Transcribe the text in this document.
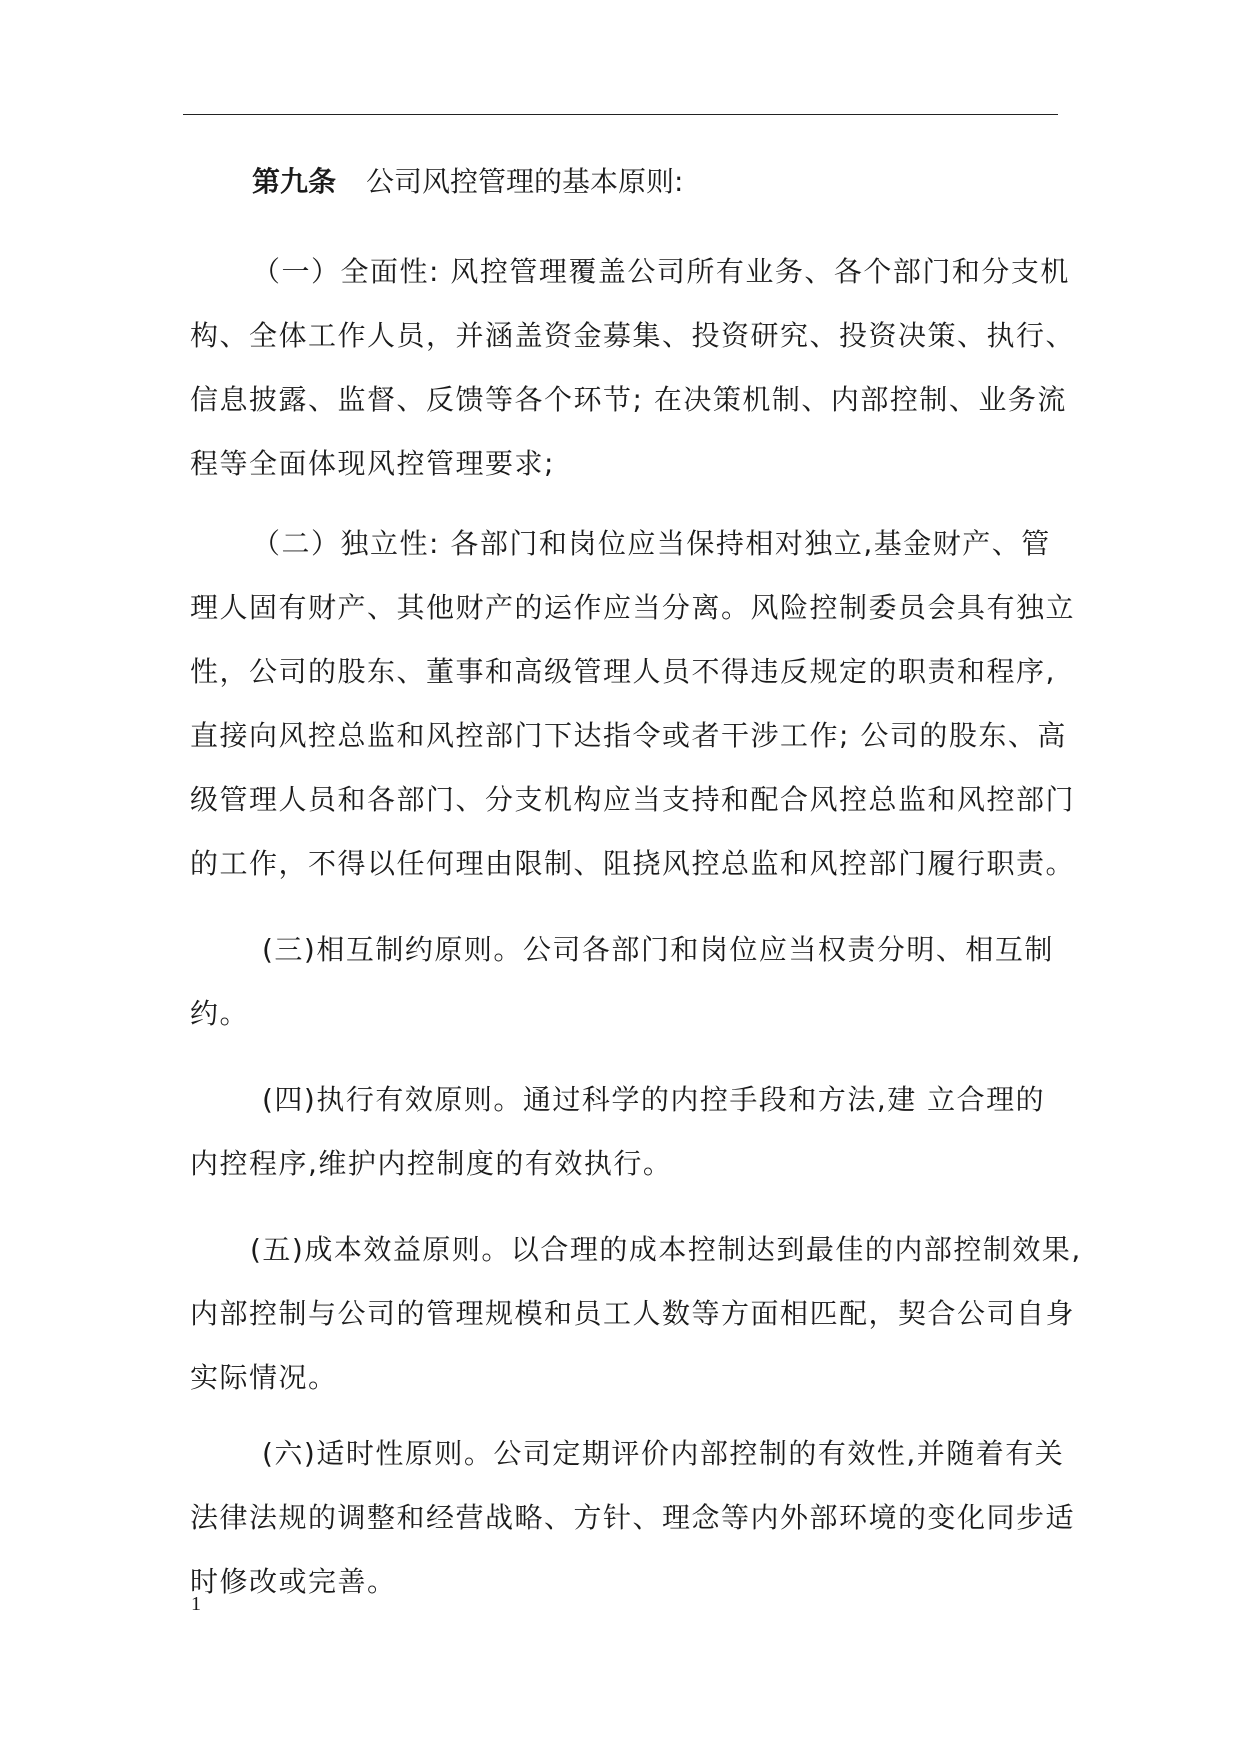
第九条 公司风控管理的基本原则:
（一）全面性: 风控管理覆盖公司所有业务、各个部门和分支机
构、全体工作人员，并涵盖资金募集、投资研究、投资决策、执行、
信息披露、监督、反馈等各个环节; 在决策机制、内部控制、业务流
程等全面体现风控管理要求;
（二）独立性: 各部门和岗位应当保持相对独立,基金财产、管
理人固有财产、其他财产的运作应当分离。风险控制委员会具有独立
性，公司的股东、董事和高级管理人员不得违反规定的职责和程序,
直接向风控总监和风控部门下达指令或者干涉工作; 公司的股东、高
级管理人员和各部门、分支机构应当支持和配合风控总监和风控部门
的工作，不得以任何理由限制、阻挠风控总监和风控部门履行职责。
(三)相互制约原则。公司各部门和岗位应当权责分明、相互制
约。
(四)执行有效原则。通过科学的内控手段和方法,建 立合理的
内控程序,维护内控制度的有效执行。
(五)成本效益原则。以合理的成本控制达到最佳的内部控制效果,
内部控制与公司的管理规模和员工人数等方面相匹配，契合公司自身
实际情况。
(六)适时性原则。公司定期评价内部控制的有效性,并随着有关
法律法规的调整和经营战略、方针、理念等内外部环境的变化同步适
时修改或完善。
1
